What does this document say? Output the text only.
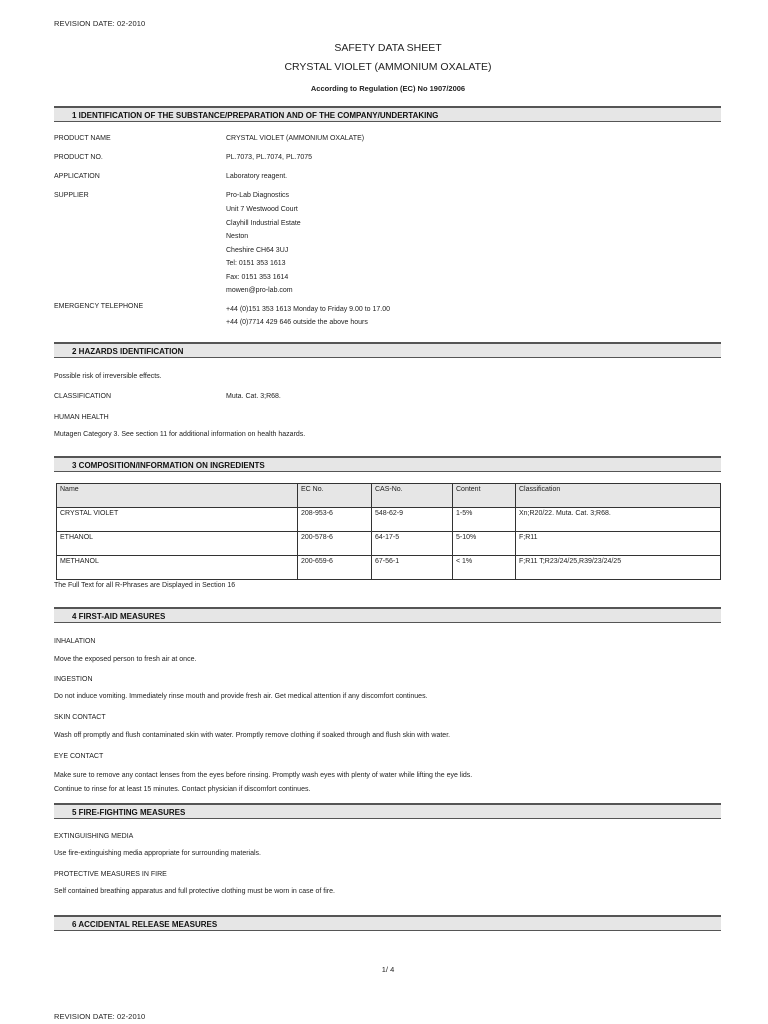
REVISION DATE: 02-2010
SAFETY DATA SHEET
CRYSTAL VIOLET (AMMONIUM OXALATE)
According to Regulation (EC) No 1907/2006
1 IDENTIFICATION OF THE SUBSTANCE/PREPARATION AND OF THE COMPANY/UNDERTAKING
PRODUCT NAME	CRYSTAL VIOLET (AMMONIUM OXALATE)
PRODUCT NO.	PL.7073, PL.7074, PL.7075
APPLICATION	Laboratory reagent.
SUPPLIER	Pro-Lab Diagnostics
Unit 7 Westwood Court
Clayhill Industrial Estate
Neston
Cheshire CH64 3UJ
Tel: 0151 353 1613
Fax: 0151 353 1614
mowen@pro-lab.com
EMERGENCY TELEPHONE	+44 (0)151 353 1613 Monday to Friday 9.00 to 17.00
+44 (0)7714 429 646 outside the above hours
2 HAZARDS IDENTIFICATION
Possible risk of irreversible effects.
CLASSIFICATION	Muta. Cat. 3;R68.
HUMAN HEALTH
Mutagen Category 3. See section 11 for additional information on health hazards.
3 COMPOSITION/INFORMATION ON INGREDIENTS
Name	EC No.	CAS-No.	Content	Classification
CRYSTAL VIOLET	208-953-6	548-62-9	1-5%	Xn;R20/22. Muta. Cat. 3;R68.
ETHANOL	200-578-6	64-17-5	5-10%	F;R11
METHANOL	200-659-6	67-56-1	< 1%	F;R11 T;R23/24/25,R39/23/24/25
The Full Text for all R-Phrases are Displayed in Section 16
4 FIRST-AID MEASURES
INHALATION
Move the exposed person to fresh air at once.
INGESTION
Do not induce vomiting. Immediately rinse mouth and provide fresh air. Get medical attention if any discomfort continues.
SKIN CONTACT
Wash off promptly and flush contaminated skin with water. Promptly remove clothing if soaked through and flush skin with water.
EYE CONTACT
Make sure to remove any contact lenses from the eyes before rinsing. Promptly wash eyes with plenty of water while lifting the eye lids.
Continue to rinse for at least 15 minutes. Contact physician if discomfort continues.
5 FIRE-FIGHTING MEASURES
EXTINGUISHING MEDIA
Use fire-extinguishing media appropriate for surrounding materials.
PROTECTIVE MEASURES IN FIRE
Self contained breathing apparatus and full protective clothing must be worn in case of fire.
6 ACCIDENTAL RELEASE MEASURES
1/ 4
REVISION DATE: 02-2010
